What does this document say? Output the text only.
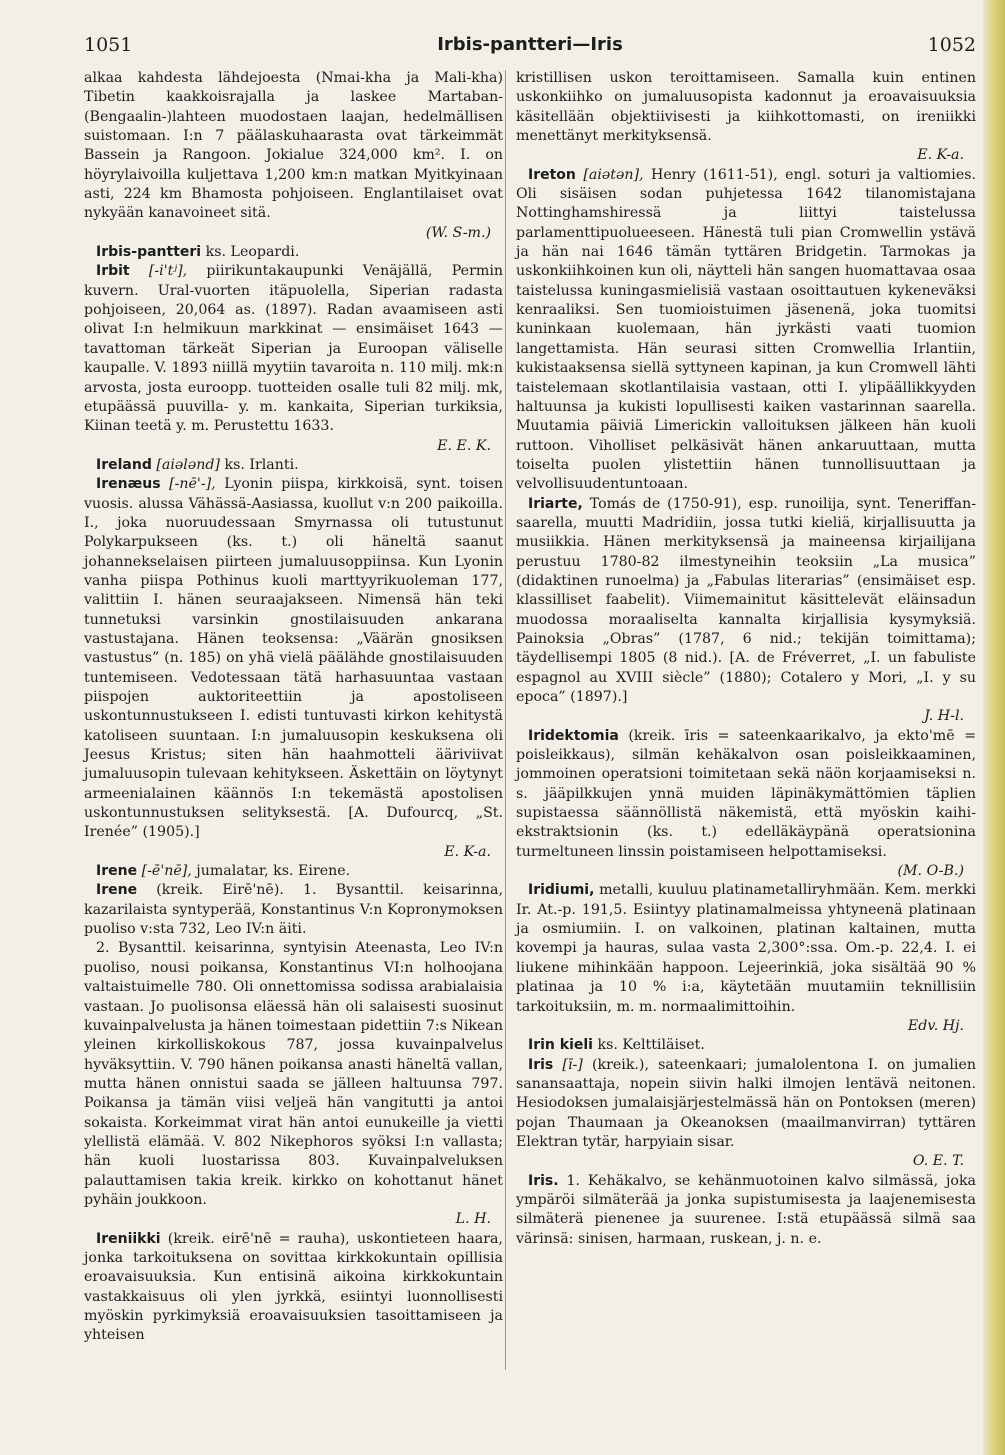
1051	Irbis-pantteri—Iris	1052

alkaa kahdesta lähdejoesta (Nmai-kha ja Mali-kha) Tibetin kaakkoisrajalla ja laskee Martaban- (Bengaalin-)lahteen muodostaen laajan, hedelmällisen suistomaan. I:n 7 päälaskuhaarasta ovat tärkeimmät Bassein ja Rangoon. Jokialue 324,000 km². I. on höyrylaivoilla kuljettava 1,200 km:n matkan Myitkyinaan asti, 224 km Bhamosta pohjoiseen. Englantilaiset ovat nykyään kanavoineet sitä.

(W. S-m.)

Irbis-pantteri ks. Leopardi.

Irbit [-i'tʲ], piirikuntakaupunki Venäjällä, Permin kuvern. Ural-vuorten itäpuolella, Siperian radasta pohjoiseen, 20,064 as. (1897). Radan avaamiseen asti olivat I:n helmikuun markkinat — ensimäiset 1643 — tavattoman tärkeät Siperian ja Euroopan väliselle kaupalle. V. 1893 niillä myytiin tavaroita n. 110 milj. mk:n arvosta, josta euroopp. tuotteiden osalle tuli 82 milj. mk, etupäässä puuvilla- y. m. kankaita, Siperian turkiksia, Kiinan teetä y. m. Perustettu 1633.

E. E. K.

Ireland [aiələnd] ks. Irlanti.

Irenæus [-nē'-], Lyonin piispa, kirkkoisä, synt. toisen vuosis. alussa Vähässä-Aasiassa, kuollut v:n 200 paikoilla. I., joka nuoruudessaan Smyrnassa oli tutustunut Polykarpukseen (ks. t.) oli häneltä saanut johannekselaisen piirteen jumaluusoppiinsa. Kun Lyonin vanha piispa Pothinus kuoli marttyyrikuoleman 177, valittiin I. hänen seuraajakseen. Nimensä hän teki tunnetuksi varsinkin gnostilaisuuden ankarana vastustajana. Hänen teoksensa: „Väärän gnosiksen vastustus” (n. 185) on yhä vielä päälähde gnostilaisuuden tuntemiseen. Vedotessaan tätä harhasuuntaa vastaan piispojen auktoriteettiin ja apostoliseen uskontunnustukseen I. edisti tuntuvasti kirkon kehitystä katoliseen suuntaan. I:n jumaluusopin keskuksena oli Jeesus Kristus; siten hän haahmotteli ääriviivat jumaluusopin tulevaan kehitykseen. Äskettäin on löytynyt armeenialainen käännös I:n tekemästä apostolisen uskontunnustuksen selityksestä. [A. Dufourcq, „St. Irenée” (1905).]

E. K-a.

Irene [-ē'nē], jumalatar, ks. Eirene.

Irene (kreik. Eirē'nē). 1. Bysanttil. keisarinna, kazarilaista syntyperää, Konstantinus V:n Kopronymoksen puoliso v:sta 732, Leo IV:n äiti.

2. Bysanttil. keisarinna, syntyisin Ateenasta, Leo IV:n puoliso, nousi poikansa, Konstantinus VI:n holhoojana valtaistuimelle 780. Oli onnettomissa sodissa arabialaisia vastaan. Jo puolisonsa eläessä hän oli salaisesti suosinut kuvainpalvelusta ja hänen toimestaan pidettiin 7:s Nikean yleinen kirkolliskokous 787, jossa kuvainpalvelus hyväksyttiin. V. 790 hänen poikansa anasti häneltä vallan, mutta hänen onnistui saada se jälleen haltuunsa 797. Poikansa ja tämän viisi veljeä hän vangitutti ja antoi sokaista. Korkeimmat virat hän antoi eunukeille ja vietti ylellistä elämää. V. 802 Nikephoros syöksi I:n vallasta; hän kuoli luostarissa 803. Kuvainpalveluksen palauttamisen takia kreik. kirkko on kohottanut hänet pyhäin joukkoon.

L. H.

Ireniikki (kreik. eirē'nē = rauha), uskontieteen haara, jonka tarkoituksena on sovittaa kirkkokuntain opillisia eroavaisuuksia. Kun entisinä aikoina kirkkokuntain vastakkaisuus oli ylen jyrkkä, esiintyi luonnollisesti myöskin pyrkimyksiä eroavaisuuksien tasoittamiseen ja yhteisen

kristillisen uskon teroittamiseen. Samalla kuin entinen uskonkiihko on jumaluusopista kadonnut ja eroavaisuuksia käsitellään objektiivisesti ja kiihkottomasti, on ireniikki menettänyt merkityksensä.

E. K-a.

Ireton [aiətən], Henry (1611-51), engl. soturi ja valtiomies. Oli sisäisen sodan puhjetessa 1642 tilanomistajana Nottinghamshiressä ja liittyi taistelussa parlamenttipuolueeseen. Hänestä tuli pian Cromwellin ystävä ja hän nai 1646 tämän tyttären Bridgetin. Tarmokas ja uskonkiihkoinen kun oli, näytteli hän sangen huomattavaa osaa taistelussa kuningasmielisiä vastaan osoittautuen kykeneväksi kenraaliksi. Sen tuomioistuimen jäsenenä, joka tuomitsi kuninkaan kuolemaan, hän jyrkästi vaati tuomion langettamista. Hän seurasi sitten Cromwellia Irlantiin, kukistaaksensa siellä syttyneen kapinan, ja kun Cromwell lähti taistelemaan skotlantilaisia vastaan, otti I. ylipäällikkyyden haltuunsa ja kukisti lopullisesti kaiken vastarinnan saarella. Muutamia päiviä Limerickin valloituksen jälkeen hän kuoli ruttoon. Viholliset pelkäsivät hänen ankaruuttaan, mutta toiselta puolen ylistettiin hänen tunnollisuuttaan ja velvollisuudentuntoaan.

Iriarte, Tomás de (1750-91), esp. runoilija, synt. Teneriffan-saarella, muutti Madridiin, jossa tutki kieliä, kirjallisuutta ja musiikkia. Hänen merkityksensä ja maineensa kirjailijana perustuu 1780-82 ilmestyneihin teoksiin „La musica” (didaktinen runoelma) ja „Fabulas literarias” (ensimäiset esp. klassilliset faabelit). Viimemainitut käsittelevät eläinsadun muodossa moraaliselta kannalta kirjallisia kysymyksiä. Painoksia „Obras” (1787, 6 nid.; tekijän toimittama); täydellisempi 1805 (8 nid.). [A. de Fréverret, „I. un fabuliste espagnol au XVIII siècle” (1880); Cotalero y Mori, „I. y su epoca” (1897).]

J. H-l.

Iridektomia (kreik. īris = sateenkaarikalvo, ja ekto'mē = poisleikkaus), silmän kehäkalvon osan poisleikkaaminen, jommoinen operatsioni toimitetaan sekä näön korjaamiseksi n. s. jääpilkkujen ynnä muiden läpinäkymättömien täplien supistaessa säännöllistä näkemistä, että myöskin kaihi-ekstraktsionin (ks. t.) edelläkäypänä operatsionina turmeltuneen linssin poistamiseen helpottamiseksi.

(M. O-B.)

Iridiumi, metalli, kuuluu platinametalliryhmään. Kem. merkki Ir. At.-p. 191,5. Esiintyy platinamalmeissa yhtyneenä platinaan ja osmiumiin. I. on valkoinen, platinan kaltainen, mutta kovempi ja hauras, sulaa vasta 2,300°:ssa. Om.-p. 22,4. I. ei liukene mihinkään happoon. Lejeerinkiä, joka sisältää 90 % platinaa ja 10 % i:a, käytetään muutamiin teknillisiin tarkoituksiin, m. m. normaalimittoihin.

Edv. Hj.

Irin kieli ks. Kelttiläiset.

Iris [ī-] (kreik.), sateenkaari; jumalolentona I. on jumalien sanansaattaja, nopein siivin halki ilmojen lentävä neitonen. Hesiodoksen jumalaisjärjestelmässä hän on Pontoksen (meren) pojan Thaumaan ja Okeanoksen (maailmanvirran) tyttären Elektran tytär, harpyiain sisar.

O. E. T.

Iris. 1. Kehäkalvo, se kehänmuotoinen kalvo silmässä, joka ympäröi silmäterää ja jonka supistumisesta ja laajenemisesta silmäterä pienenee ja suurenee. I:stä etupäässä silmä saa värinsä: sinisen, harmaan, ruskean, j. n. e.
